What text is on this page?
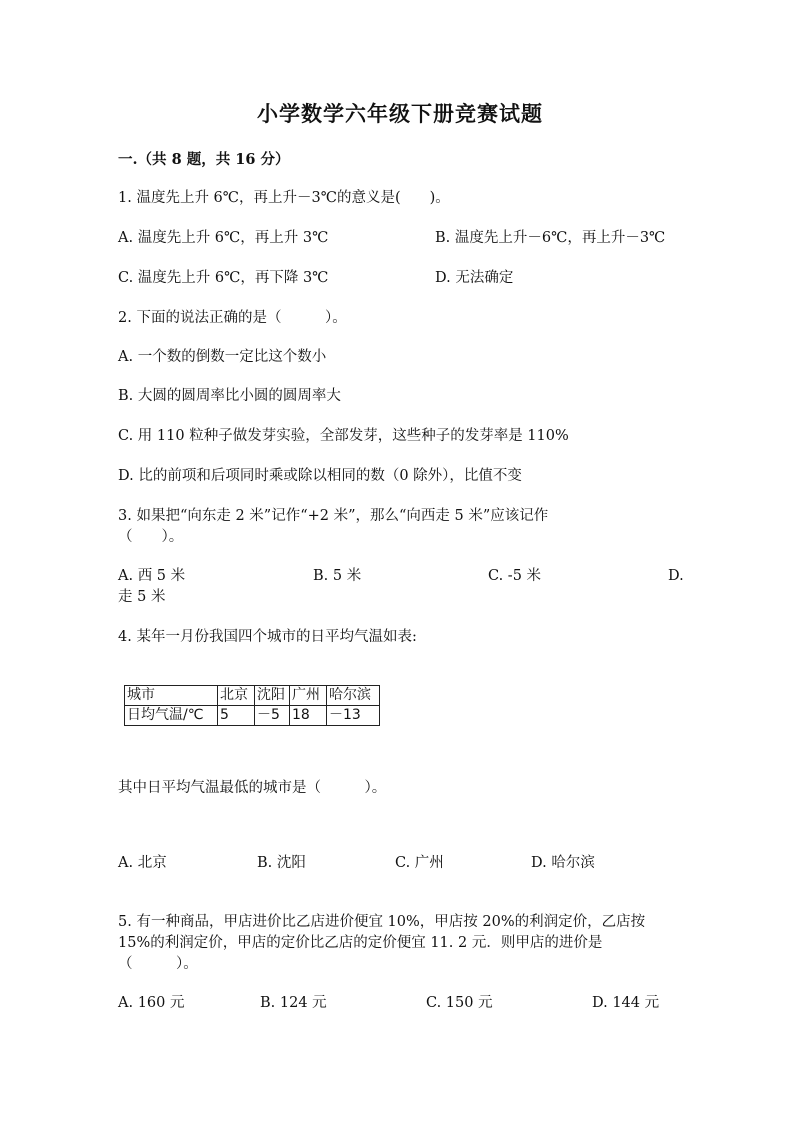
小学数学六年级下册竞赛试题
一.（共 8 题，共 16 分）
1. 温度先上升 6℃，再上升－3℃的意义是(　　)。
A. 温度先上升 6℃，再上升 3℃	B. 温度先上升－6℃，再上升－3℃
C. 温度先上升 6℃，再下降 3℃	D. 无法确定
2. 下面的说法正确的是（　　　）。
A. 一个数的倒数一定比这个数小
B. 大圆的圆周率比小圆的圆周率大
C. 用 110 粒种子做发芽实验，全部发芽，这些种子的发芽率是 110%
D. 比的前项和后项同时乘或除以相同的数（0 除外），比值不变
3. 如果把“向东走 2 米”记作“+2 米”，那么“向西走 5 米”应该记作
（　　）。
A. 西 5 米	B. 5 米	C. -5 米	D.
走 5 米
4. 某年一月份我国四个城市的日平均气温如表:
城市	北京	沈阳	广州	哈尔滨
日均气温/℃	5	－5	18	－13
其中日平均气温最低的城市是（　　　）。
A. 北京	B. 沈阳	C. 广州	D. 哈尔滨
5. 有一种商品，甲店进价比乙店进价便宜 10%，甲店按 20%的利润定价，乙店按
15%的利润定价，甲店的定价比乙店的定价便宜 11. 2 元．则甲店的进价是
（　　　）。
A. 160 元	B. 124 元	C. 150 元	D. 144 元
